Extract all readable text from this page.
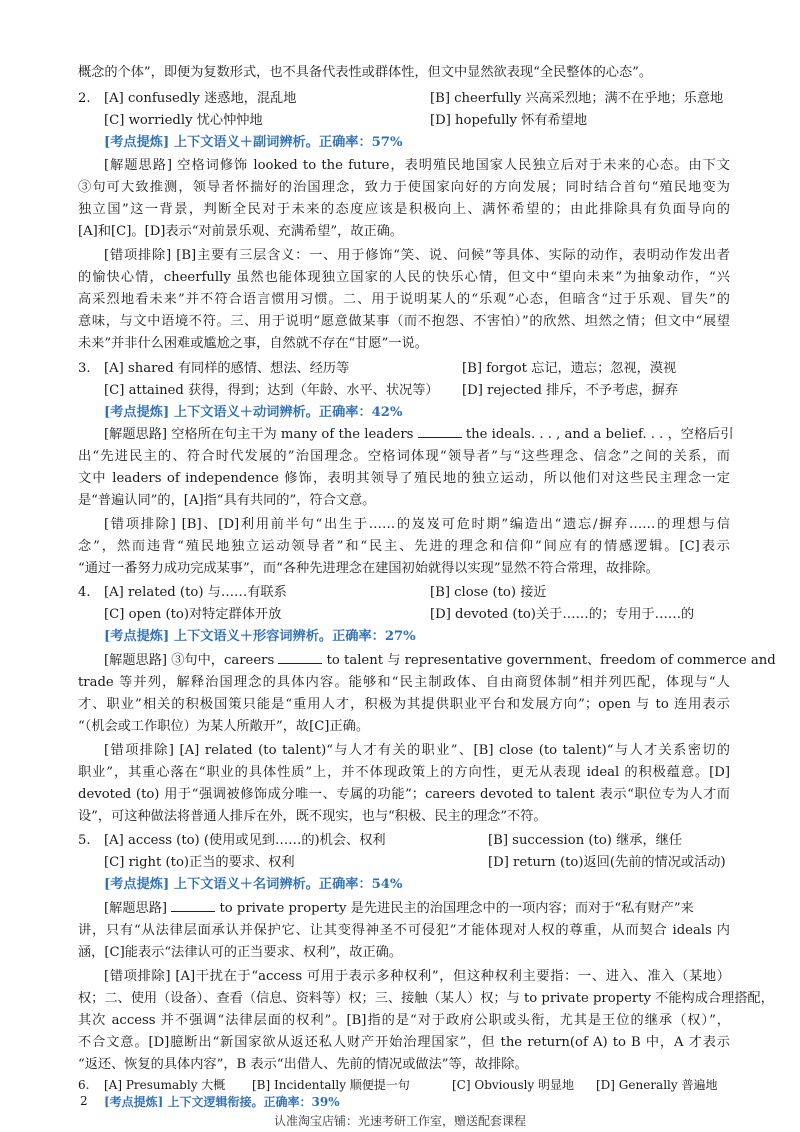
概念的个体”，即便为复数形式，也不具备代表性或群体性，但文中显然欲表现“全民整体的心态”。
2. [A] confusedly 迷惑地，混乱地	[B] cheerfully 兴高采烈地；满不在乎地；乐意地
[C] worriedly 忧心忡忡地	[D] hopefully 怀有希望地
[考点提炼] 上下文语义＋副词辨析。正确率：57%
[解题思路] 空格词修饰 looked to the future，表明殖民地国家人民独立后对于未来的心态。由下文
③句可大致推测，领导者怀揣好的治国理念，致力于使国家向好的方向发展；同时结合首句“殖民地变为
独立国”这一背景，判断全民对于未来的态度应该是积极向上、满怀希望的；由此排除具有负面导向的
[A]和[C]。[D]表示“对前景乐观、充满希望”，故正确。
[错项排除] [B]主要有三层含义：一、用于修饰“笑、说、问候”等具体、实际的动作，表明动作发出者
的愉快心情，cheerfully 虽然也能体现独立国家的人民的快乐心情，但文中“望向未来”为抽象动作，“兴
高采烈地看未来”并不符合语言惯用习惯。二、用于说明某人的“乐观”心态，但暗含“过于乐观、冒失”的
意味，与文中语境不符。三、用于说明“愿意做某事（而不抱怨、不害怕）”的欣然、坦然之情；但文中“展望
未来”并非什么困难或尴尬之事，自然就不存在“甘愿”一说。
3. [A] shared 有同样的感情、想法、经历等	[B] forgot 忘记，遗忘；忽视，漠视
[C] attained 获得，得到；达到（年龄、水平、状况等） [D] rejected 排斥，不予考虑，摒弃
[考点提炼] 上下文语义＋动词辨析。正确率：42%
[解题思路] 空格所在句主干为 many of the leaders	the ideals. . . , and a belief. . . ，空格后引
出“先进民主的、符合时代发展的”治国理念。空格词体现“领导者”与“这些理念、信念”之间的关系，而
文中 leaders of independence 修饰，表明其领导了殖民地的独立运动，所以他们对这些民主理念一定
是“普遍认同”的，[A]指“具有共同的”，符合文意。
[错项排除] [B]、[D]利用前半句“出生于……的岌岌可危时期”编造出“遗忘/摒弃……的理想与信
念”，然而违背“殖民地独立运动领导者”和“民主、先进的理念和信仰”间应有的情感逻辑。[C]表示
“通过一番努力成功完成某事”，而“各种先进理念在建国初始就得以实现”显然不符合常理，故排除。
4. [A] related (to) 与……有联系	[B] close (to) 接近
[C] open (to)对特定群体开放	[D] devoted (to)关于……的；专用于……的
[考点提炼] 上下文语义＋形容词辨析。正确率：27%
[解题思路] ③句中，careers	to talent 与 representative government、freedom of commerce and
trade 等并列，解释治国理念的具体内容。能够和“民主制政体、自由商贸体制”相并列匹配，体现与“人
才、职业”相关的积极国策只能是“重用人才，积极为其提供职业平台和发展方向”；open 与 to 连用表示
“（机会或工作职位）为某人所敞开”，故[C]正确。
[错项排除] [A] related (to talent)“与人才有关的职业”、[B] close (to talent)“与人才关系密切的
职业”，其重心落在“职业的具体性质”上，并不体现政策上的方向性，更无从表现 ideal 的积极蕴意。[D]
devoted (to) 用于“强调被修饰成分唯一、专属的功能”；careers devoted to talent 表示“职位专为人才而
设”，可这种做法将普通人排斥在外，既不现实，也与“积极、民主的理念”不符。
5. [A] access (to) (使用或见到……的)机会、权利	[B] succession (to) 继承，继任
[C] right (to)正当的要求、权利	[D] return (to)返回(先前的情况或活动)
[考点提炼] 上下文语义＋名词辨析。正确率：54%
[解题思路]	to private property 是先进民主的治国理念中的一项内容；而对于“私有财产”来
讲，只有“从法律层面承认并保护它、让其变得神圣不可侵犯”才能体现对人权的尊重，从而契合 ideals 内
涵，[C]能表示“法律认可的正当要求、权利”，故正确。
[错项排除] [A]干扰在于“access 可用于表示多种权利”，但这种权利主要指：一、进入、准入（某地）
权；二、使用（设备）、查看（信息、资料等）权；三、接触（某人）权；与 to private property 不能构成合理搭配，
其次 access 并不强调“法律层面的权利”。[B]指的是“对于政府公职或头衔，尤其是王位的继承（权）”，
不合文意。[D]臆断出“新国家欲从返还私人财产开始治理国家”，但 the return(of A) to B 中，A 才表示
“返还、恢复的具体内容”，B 表示“出借人、先前的情况或做法”等，故排除。
6. [A] Presumably 大概 [B] Incidentally 顺便提一句	[C] Obviously 明显地 [D] Generally 普遍地
[考点提炼] 上下文逻辑衔接。正确率：39%
2
认准淘宝店铺：光速考研工作室，赠送配套课程
